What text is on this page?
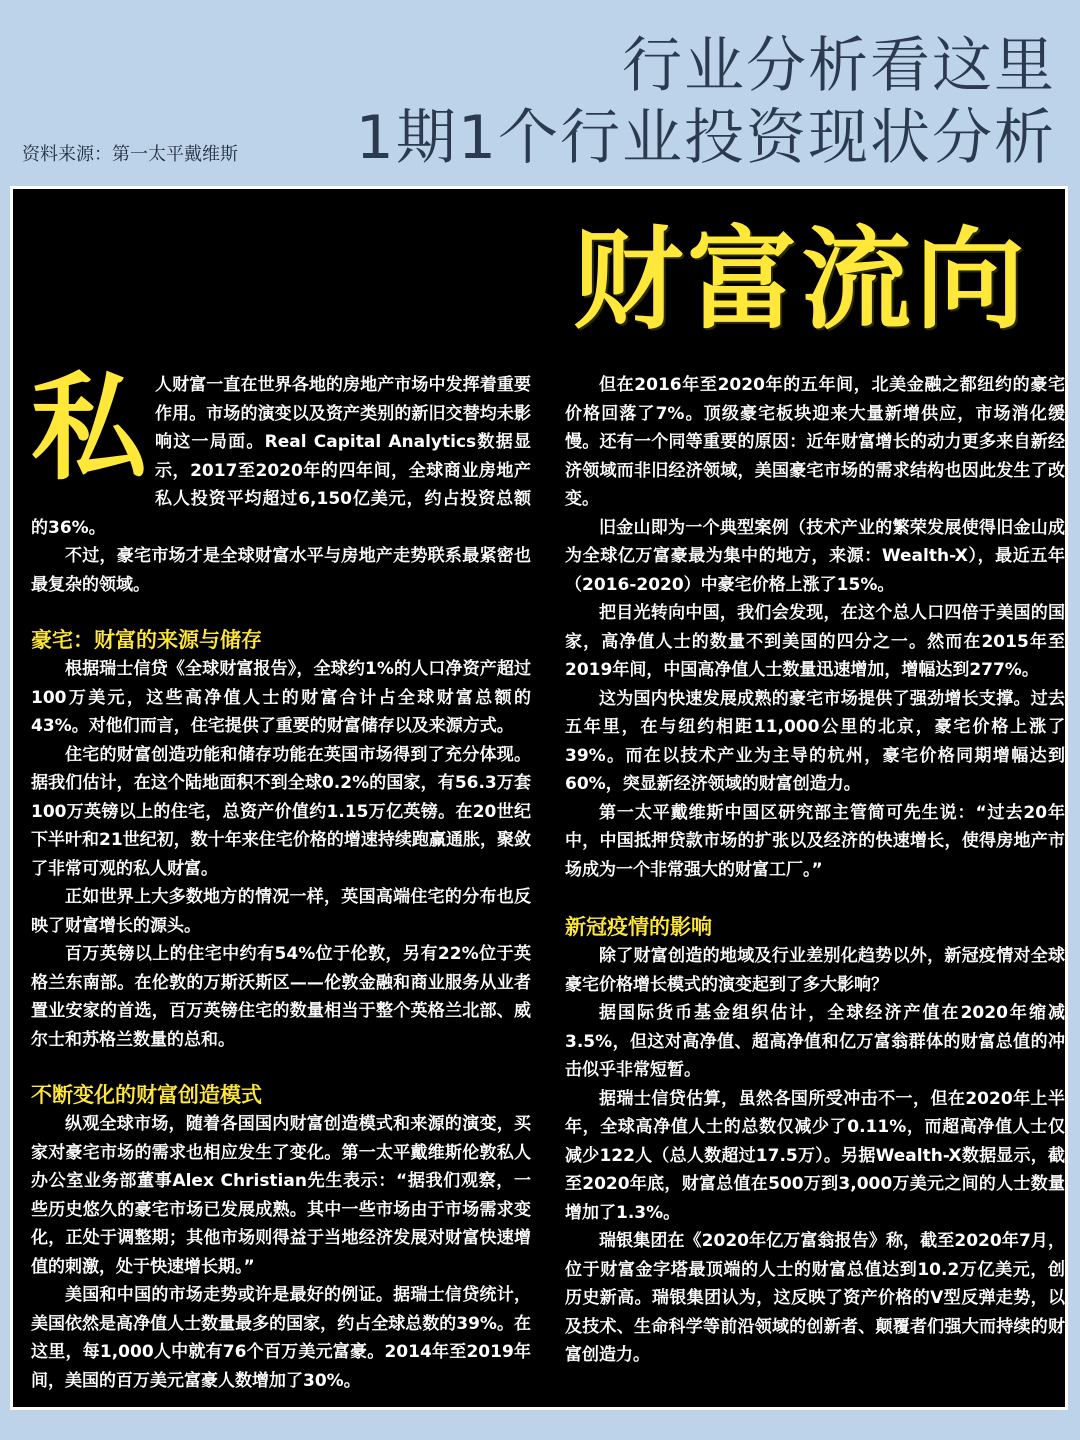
行业分析看这里
1期1个行业投资现状分析
资料来源：第一太平戴维斯
财富流向

私人财富一直在世界各地的房地产市场中发挥着重要作用。市场的演变以及资产类别的新旧交替均未影响这一局面。Real Capital Analytics数据显示，2017至2020年的四年间，全球商业房地产私人投资平均超过6,150亿美元，约占投资总额的36%。

不过，豪宅市场才是全球财富水平与房地产走势联系最紧密也最复杂的领域。

豪宅：财富的来源与储存

根据瑞士信贷《全球财富报告》，全球约1%的人口净资产超过100万美元，这些高净值人士的财富合计占全球财富总额的43%。对他们而言，住宅提供了重要的财富储存以及来源方式。

住宅的财富创造功能和储存功能在英国市场得到了充分体现。据我们估计，在这个陆地面积不到全球0.2%的国家，有56.3万套100万英镑以上的住宅，总资产价值约1.15万亿英镑。在20世纪下半叶和21世纪初，数十年来住宅价格的增速持续跑赢通胀，聚敛了非常可观的私人财富。

正如世界上大多数地方的情况一样，英国高端住宅的分布也反映了财富增长的源头。

百万英镑以上的住宅中约有54%位于伦敦，另有22%位于英格兰东南部。在伦敦的万斯沃斯区——伦敦金融和商业服务从业者置业安家的首选，百万英镑住宅的数量相当于整个英格兰北部、威尔士和苏格兰数量的总和。

不断变化的财富创造模式

纵观全球市场，随着各国国内财富创造模式和来源的演变，买家对豪宅市场的需求也相应发生了变化。第一太平戴维斯伦敦私人办公室业务部董事Alex Christian先生表示：“据我们观察，一些历史悠久的豪宅市场已发展成熟。其中一些市场由于市场需求变化，正处于调整期；其他市场则得益于当地经济发展对财富快速增值的刺激，处于快速增长期。”

美国和中国的市场走势或许是最好的例证。据瑞士信贷统计，美国依然是高净值人士数量最多的国家，约占全球总数的39%。在这里，每1,000人中就有76个百万美元富豪。2014年至2019年间，美国的百万美元富豪人数增加了30%。

但在2016年至2020年的五年间，北美金融之都纽约的豪宅价格回落了7%。顶级豪宅板块迎来大量新增供应，市场消化缓慢。还有一个同等重要的原因：近年财富增长的动力更多来自新经济领域而非旧经济领域，美国豪宅市场的需求结构也因此发生了改变。

旧金山即为一个典型案例（技术产业的繁荣发展使得旧金山成为全球亿万富豪最为集中的地方，来源：Wealth-X），最近五年（2016-2020）中豪宅价格上涨了15%。

把目光转向中国，我们会发现，在这个总人口四倍于美国的国家，高净值人士的数量不到美国的四分之一。然而在2015年至2019年间，中国高净值人士数量迅速增加，增幅达到277%。

这为国内快速发展成熟的豪宅市场提供了强劲增长支撑。过去五年里，在与纽约相距11,000公里的北京，豪宅价格上涨了39%。而在以技术产业为主导的杭州，豪宅价格同期增幅达到60%，突显新经济领域的财富创造力。

第一太平戴维斯中国区研究部主管简可先生说：“过去20年中，中国抵押贷款市场的扩张以及经济的快速增长，使得房地产市场成为一个非常强大的财富工厂。”

新冠疫情的影响

除了财富创造的地域及行业差别化趋势以外，新冠疫情对全球豪宅价格增长模式的演变起到了多大影响？

据国际货币基金组织估计，全球经济产值在2020年缩减3.5%，但这对高净值、超高净值和亿万富翁群体的财富总值的冲击似乎非常短暂。

据瑞士信贷估算，虽然各国所受冲击不一，但在2020年上半年，全球高净值人士的总数仅减少了0.11%，而超高净值人士仅减少122人（总人数超过17.5万）。另据Wealth-X数据显示，截至2020年底，财富总值在500万到3,000万美元之间的人士数量增加了1.3%。

瑞银集团在《2020年亿万富翁报告》称，截至2020年7月，位于财富金字塔最顶端的人士的财富总值达到10.2万亿美元，创历史新高。瑞银集团认为，这反映了资产价格的V型反弹走势，以及技术、生命科学等前沿领域的创新者、颠覆者们强大而持续的财富创造力。
